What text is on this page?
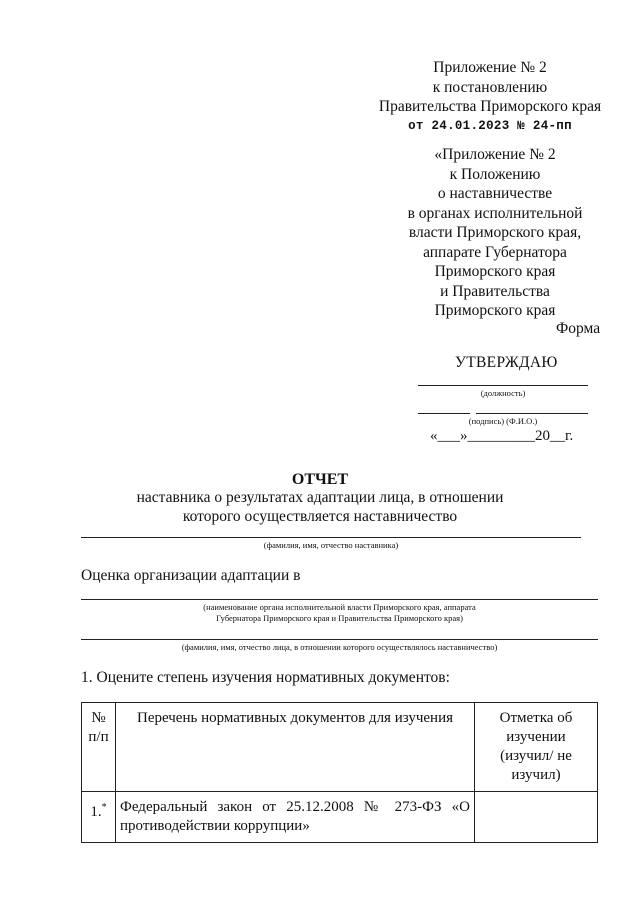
Приложение № 2
к постановлению
Правительства Приморского края
от 24.01.2023 № 24-пп
«Приложение № 2
к Положению
о наставничестве
в органах исполнительной
власти Приморского края,
аппарате Губернатора
Приморского края
и Правительства
Приморского края
Форма
УТВЕРЖДАЮ
(должность)
(подпись) (Ф.И.О.)
«___»_________20__г.
ОТЧЕТ
наставника о результатах адаптации лица, в отношении
которого осуществляется наставничество
(фамилия, имя, отчество наставника)
Оценка организации адаптации в
(наименование органа исполнительной власти Приморского края, аппарата
Губернатора Приморского края и Правительства Приморского края)
(фамилия, имя, отчество лица, в отношении которого осуществлялось наставничество)
1. Оцените степень изучения нормативных документов:
№ п/п	Перечень нормативных документов для изучения	Отметка об изучении (изучил/ не изучил)
1.*	Федеральный закон от 25.12.2008 № 273-ФЗ «О противодействии коррупции»	
